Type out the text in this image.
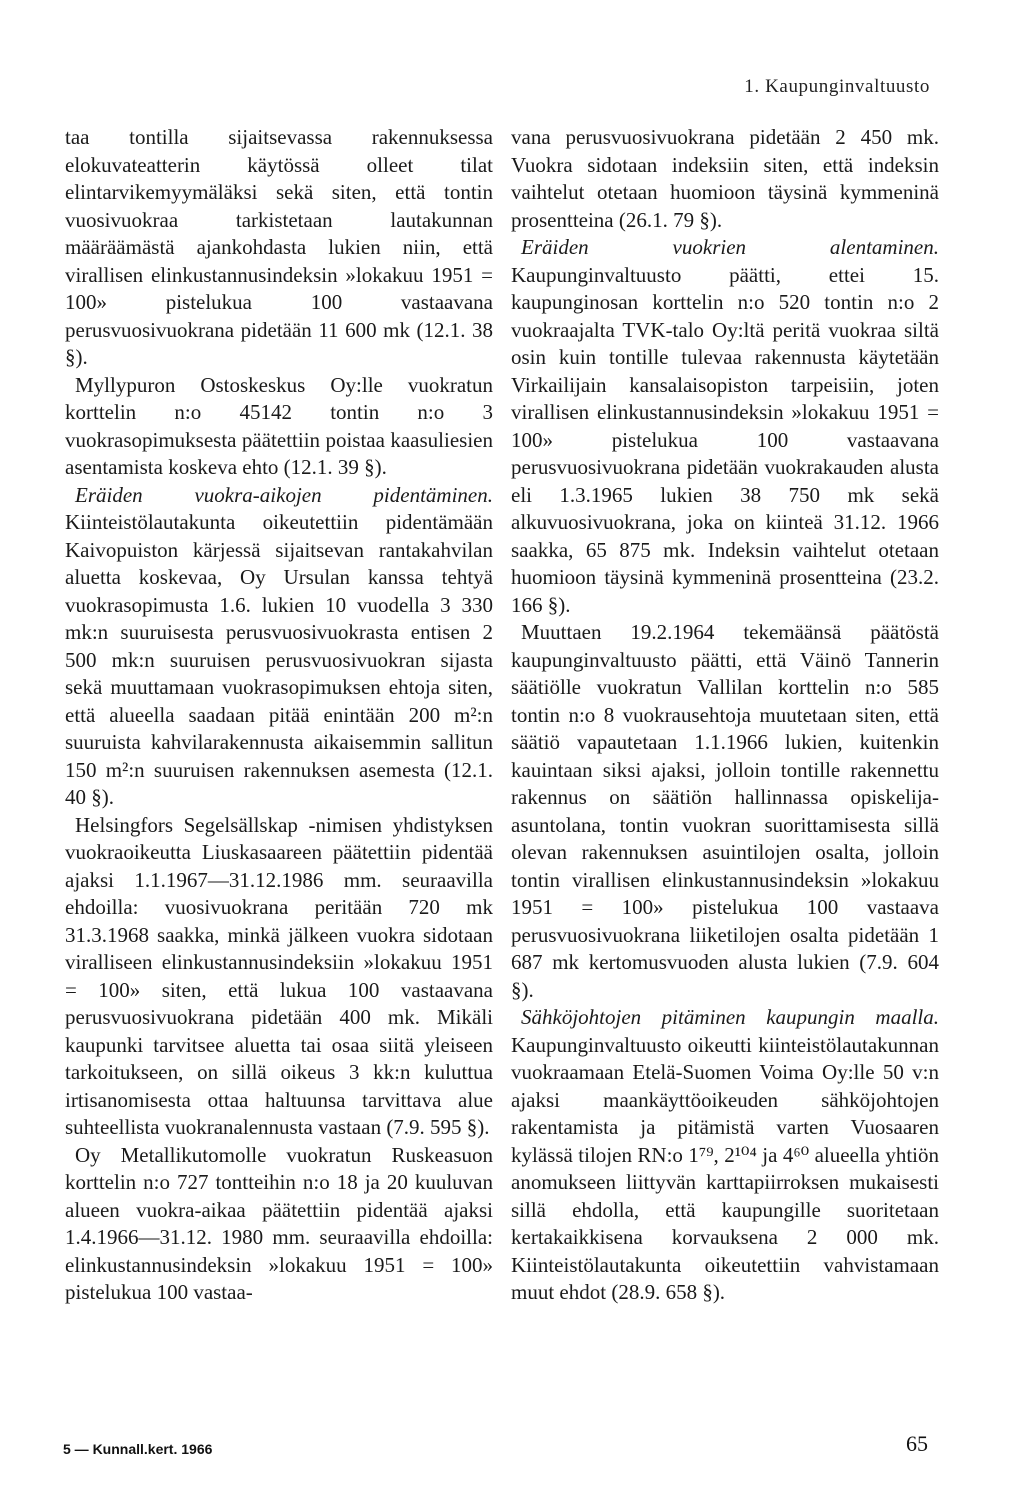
1. Kaupunginvaltuusto

taa tontilla sijaitsevassa rakennuksessa elokuvateatterin käytössä olleet tilat elintarvikemyymäläksi sekä siten, että tontin vuosivuokraa tarkistetaan lautakunnan määräämästä ajankohdasta lukien niin, että virallisen elinkustannusindeksin »lokakuu 1951 = 100» pistelukua 100 vastaavana perusvuosivuokrana pidetään 11 600 mk (12.1. 38 §).

Myllypuron Ostoskeskus Oy:lle vuokratun korttelin n:o 45142 tontin n:o 3 vuokrasopimuksesta päätettiin poistaa kaasuliesien asentamista koskeva ehto (12.1. 39 §).

Eräiden vuokra-aikojen pidentäminen. Kiinteistölautakunta oikeutettiin pidentämään Kaivopuiston kärjessä sijaitsevan rantakahvilan aluetta koskevaa, Oy Ursulan kanssa tehtyä vuokrasopimusta 1.6. lukien 10 vuodella 3 330 mk:n suuruisesta perusvuosivuokrasta entisen 2 500 mk:n suuruisen perusvuosivuokran sijasta sekä muuttamaan vuokrasopimuksen ehtoja siten, että alueella saadaan pitää enintään 200 m²:n suuruista kahvilarakennusta aikaisemmin sallitun 150 m²:n suuruisen rakennuksen asemesta (12.1. 40 §).

Helsingfors Segelsällskap -nimisen yhdistyksen vuokraoikeutta Liuskasaareen päätettiin pidentää ajaksi 1.1.1967—31.12.1986 mm. seuraavilla ehdoilla: vuosivuokrana peritään 720 mk 31.3.1968 saakka, minkä jälkeen vuokra sidotaan viralliseen elinkustannusindeksiin »lokakuu 1951 = 100» siten, että lukua 100 vastaavana perusvuosivuokrana pidetään 400 mk. Mikäli kaupunki tarvitsee aluetta tai osaa siitä yleiseen tarkoitukseen, on sillä oikeus 3 kk:n kuluttua irtisanomisesta ottaa haltuunsa tarvittava alue suhteellista vuokranalennusta vastaan (7.9. 595 §).

Oy Metallikutomolle vuokratun Ruskeasuon korttelin n:o 727 tontteihin n:o 18 ja 20 kuuluvan alueen vuokra-aikaa päätettiin pidentää ajaksi 1.4.1966—31.12. 1980 mm. seuraavilla ehdoilla: elinkustannusindeksin »lokakuu 1951 = 100» pistelukua 100 vastaa-

vana perusvuosivuokrana pidetään 2 450 mk. Vuokra sidotaan indeksiin siten, että indeksin vaihtelut otetaan huomioon täysinä kymmeninä prosentteina (26.1. 79 §).

Eräiden vuokrien alentaminen. Kaupunginvaltuusto päätti, ettei 15. kaupunginosan korttelin n:o 520 tontin n:o 2 vuokraajalta TVK-talo Oy:ltä peritä vuokraa siltä osin kuin tontille tulevaa rakennusta käytetään Virkailijain kansalaisopiston tarpeisiin, joten virallisen elinkustannusindeksin »lokakuu 1951 = 100» pistelukua 100 vastaavana perusvuosivuokrana pidetään vuokrakauden alusta eli 1.3.1965 lukien 38 750 mk sekä alkuvuosivuokrana, joka on kiinteä 31.12. 1966 saakka, 65 875 mk. Indeksin vaihtelut otetaan huomioon täysinä kymmeninä prosentteina (23.2. 166 §).

Muuttaen 19.2.1964 tekemäänsä päätöstä kaupunginvaltuusto päätti, että Väinö Tannerin säätiölle vuokratun Vallilan korttelin n:o 585 tontin n:o 8 vuokrausehtoja muutetaan siten, että säätiö vapautetaan 1.1.1966 lukien, kuitenkin kauintaan siksi ajaksi, jolloin tontille rakennettu rakennus on säätiön hallinnassa opiskelija-asuntolana, tontin vuokran suorittamisesta sillä olevan rakennuksen asuintilojen osalta, jolloin tontin virallisen elinkustannusindeksin »lokakuu 1951 = 100» pistelukua 100 vastaava perusvuosivuokrana liiketilojen osalta pidetään 1 687 mk kertomusvuoden alusta lukien (7.9. 604 §).

Sähköjohtojen pitäminen kaupungin maalla. Kaupunginvaltuusto oikeutti kiinteistölautakunnan vuokraamaan Etelä-Suomen Voima Oy:lle 50 v:n ajaksi maankäyttöoikeuden sähköjohtojen rakentamista ja pitämistä varten Vuosaaren kylässä tilojen RN:o 1⁷⁹, 2¹⁰⁴ ja 4⁶⁰ alueella yhtiön anomukseen liittyvän karttapiirroksen mukaisesti sillä ehdolla, että kaupungille suoritetaan kertakaikkisena korvauksena 2 000 mk. Kiinteistölautakunta oikeutettiin vahvistamaan muut ehdot (28.9. 658 §).

5 — Kunnall.kert. 1966	65
